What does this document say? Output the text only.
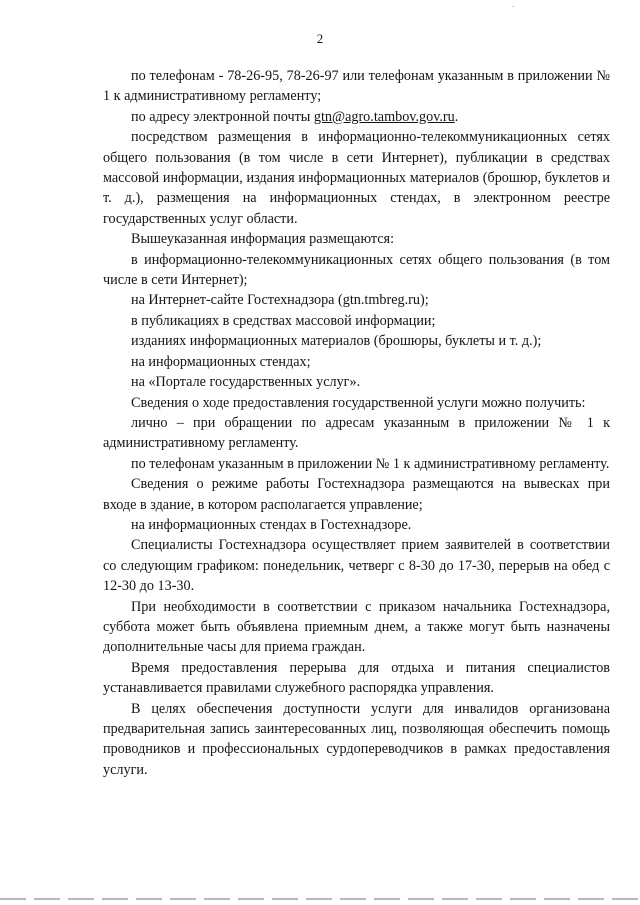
2

по телефонам - 78-26-95, 78-26-97 или телефонам указанным в приложении № 1 к административному регламенту;

по адресу электронной почты gtn@agro.tambov.gov.ru.

посредством размещения в информационно-телекоммуникационных сетях общего пользования (в том числе в сети Интернет), публикации в средствах массовой информации, издания информационных материалов (брошюр, буклетов и т. д.), размещения на информационных стендах, в электронном реестре государственных услуг области.

Вышеуказанная информация размещаются:

в информационно-телекоммуникационных сетях общего пользования (в том числе в сети Интернет);

на Интернет-сайте Гостехнадзора (gtn.tmbreg.ru);

в публикациях в средствах массовой информации;

изданиях информационных материалов (брошюры, буклеты и т. д.);

на информационных стендах;

на «Портале государственных услуг».

Сведения о ходе предоставления государственной услуги можно получить:

лично – при обращении по адресам указанным в приложении № 1 к административному регламенту.

по телефонам указанным в приложении № 1 к административному регламенту.

Сведения о режиме работы Гостехнадзора размещаются на вывесках при входе в здание, в котором располагается управление;

на информационных стендах в Гостехнадзоре.

Специалисты Гостехнадзора осуществляет прием заявителей в соответствии со следующим графиком: понедельник, четверг с 8-30 до 17-30, перерыв на обед с 12-30 до 13-30.

При необходимости в соответствии с приказом начальника Гостехнадзора, суббота может быть объявлена приемным днем, а также могут быть назначены дополнительные часы для приема граждан.

Время предоставления перерыва для отдыха и питания специалистов устанавливается правилами служебного распорядка управления.

В целях обеспечения доступности услуги для инвалидов организована предварительная запись заинтересованных лиц, позволяющая обеспечить помощь проводников и профессиональных сурдопереводчиков в рамках предоставления услуги.
